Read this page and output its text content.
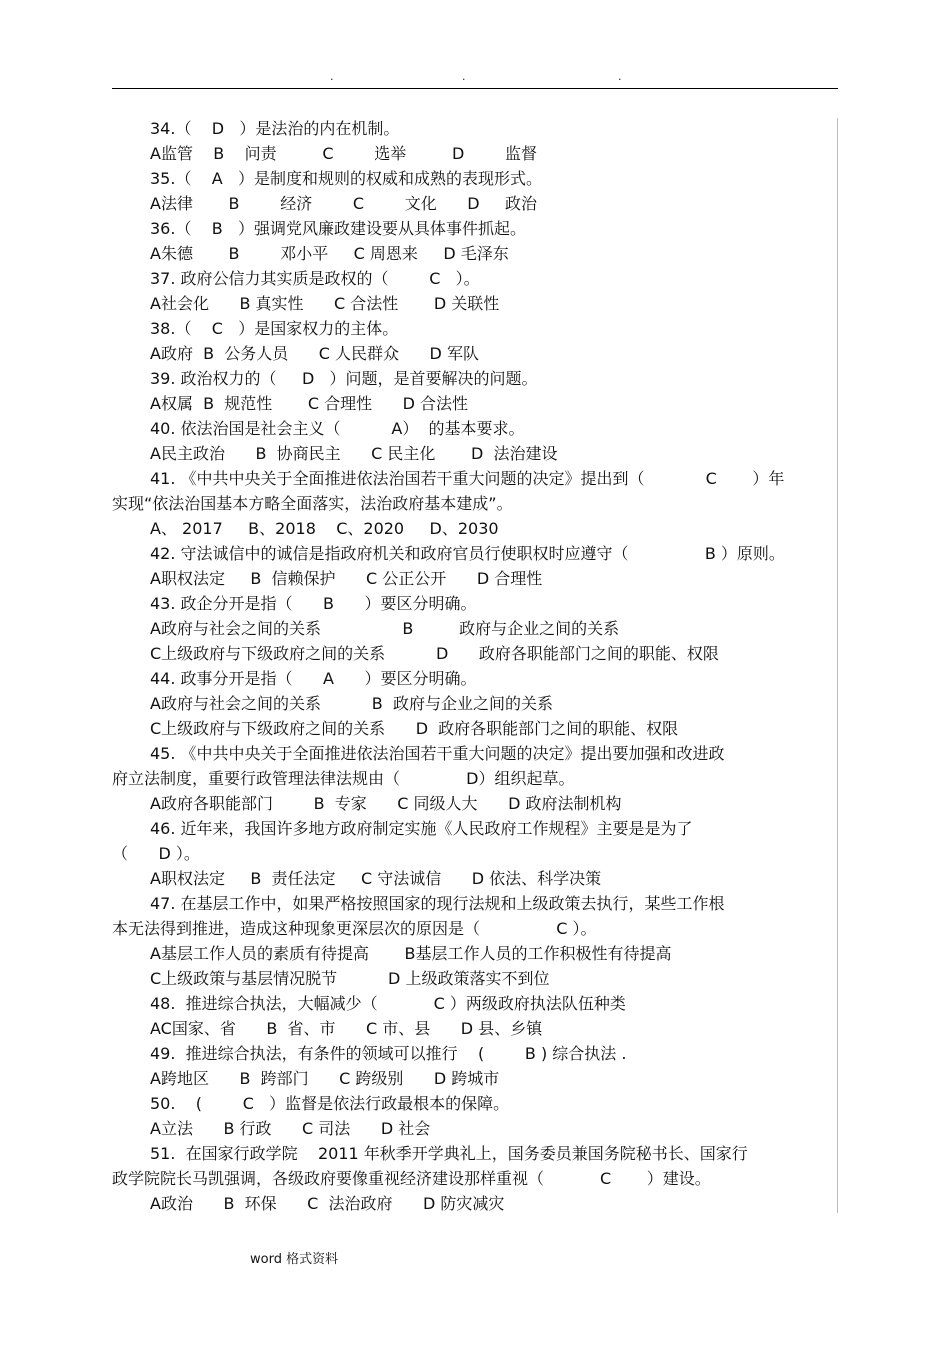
.	.	.
34.（    D   ）是法治的内在机制。
A监管    B    问责         C        选举         D        监督
35.（    A   ）是制度和规则的权威和成熟的表现形式。
A法律       B        经济        C        文化      D     政治
36.（    B   ）强调党风廉政建设要从具体事件抓起。
A朱德       B        邓小平     C 周恩来     D 毛泽东
37. 政府公信力其实质是政权的（        C   ）。
A社会化      B 真实性      C 合法性       D 关联性
38.（    C   ）是国家权力的主体。
A政府  B  公务人员      C 人民群众      D 军队
39. 政治权力的（     D   ）问题，是首要解决的问题。
A权属  B  规范性       C 合理性      D 合法性
40. 依法治国是社会主义（          A）  的基本要求。
A民主政治      B  协商民主      C 民主化       D  法治建设
41. 《中共中央关于全面推进依法治国若干重大问题的决定》提出到（            C       ）年
实现“依法治国基本方略全面落实，法治政府基本建成”。
A、 2017     B、2018    C、2020     D、2030
42. 守法诚信中的诚信是指政府机关和政府官员行使职权时应遵守（               B ）原则。
A职权法定     B  信赖保护      C 公正公开      D 合理性
43. 政企分开是指（      B      ）要区分明确。
A政府与社会之间的关系                B         政府与企业之间的关系
C上级政府与下级政府之间的关系          D      政府各职能部门之间的职能、权限
44. 政事分开是指（      A      ）要区分明确。
A政府与社会之间的关系          B  政府与企业之间的关系
C上级政府与下级政府之间的关系      D  政府各职能部门之间的职能、权限
45. 《中共中央关于全面推进依法治国若干重大问题的决定》提出要加强和改进政
府立法制度，重要行政管理法律法规由（             D）组织起草。
A政府各职能部门        B  专家      C 同级人大      D 政府法制机构
46. 近年来，我国许多地方政府制定实施《人民政府工作规程》主要是是为了
（      D ）。
A职权法定     B  责任法定     C 守法诚信      D 依法、科学决策
47. 在基层工作中，如果严格按照国家的现行法规和上级政策去执行，某些工作根
本无法得到推进，造成这种现象更深层次的原因是（               C ）。
A基层工作人员的素质有待提高       B基层工作人员的工作积极性有待提高
C上级政策与基层情况脱节          D 上级政策落实不到位
48.  推进综合执法，大幅减少（           C ）两级政府执法队伍种类
AC国家、省      B  省、市      C 市、县      D 县、乡镇
49.  推进综合执法，有条件的领域可以推行    (        B ) 综合执法 .
A跨地区      B  跨部门      C 跨级别      D 跨城市
50.    (        C   ）监督是依法行政最根本的保障。
A立法      B 行政      C 司法      D 社会
51.  在国家行政学院    2011 年秋季开学典礼上，国务委员兼国务院秘书长、国家行
政学院院长马凯强调，各级政府要像重视经济建设那样重视（           C       ）建设。
A政治      B  环保      C  法治政府      D 防灾减灾
word 格式资料
